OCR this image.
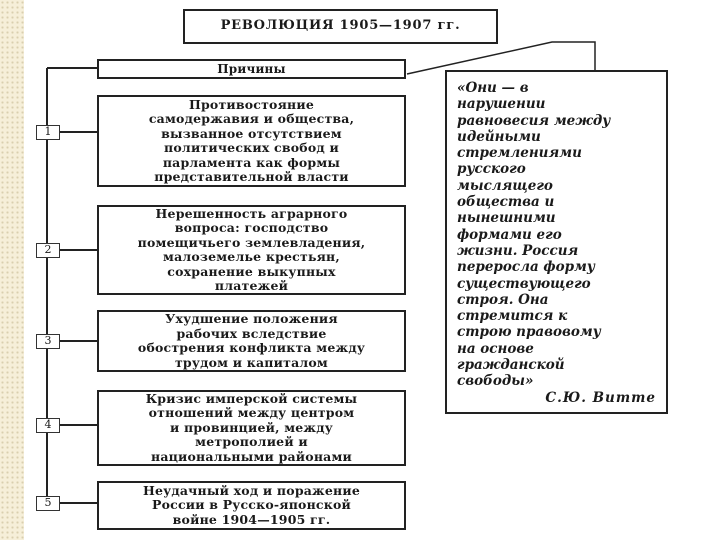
РЕВОЛЮЦИЯ 1905—1907 гг.
Причины
1
Противостояние
самодержавия и общества,
вызванное отсутствием
политических свобод и
парламента как формы
представительной власти
2
Нерешенность аграрного
вопроса: господство
помещичьего землевладения,
малоземелье крестьян,
сохранение выкупных
платежей
3
Ухудшение положения
рабочих вследствие
обострения конфликта между
трудом и капиталом
4
Кризис имперской системы
отношений между центром
и провинцией, между
метрополией и
национальными районами
5
Неудачный ход и поражение
России в Русско-японской
войне 1904—1905 гг.
«Они — в
нарушении
равновесия между
идейными
стремлениями
русского
мыслящего
общества и
нынешними
формами его
жизни. Россия
переросла форму
существующего
строя. Она
стремится к
строю правовому
на основе
гражданской
свободы»
С.Ю. Витте
